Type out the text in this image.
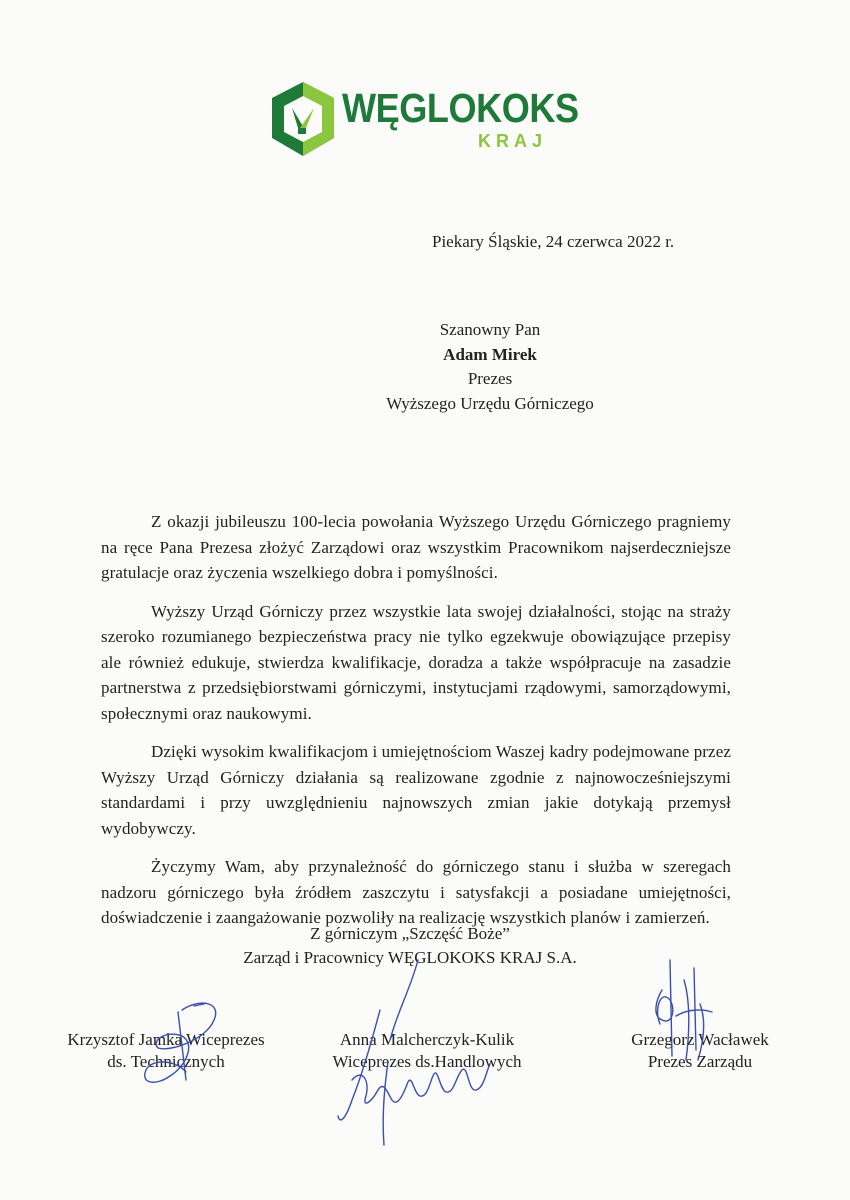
WĘGLOKOKS
KRAJ
Piekary Śląskie, 24 czerwca 2022 r.
Szanowny Pan
Adam Mirek
Prezes
Wyższego Urzędu Górniczego

Z okazji jubileuszu 100-lecia powołania Wyższego Urzędu Górniczego pragniemy na ręce Pana Prezesa złożyć Zarządowi oraz wszystkim Pracownikom najserdeczniejsze gratulacje oraz życzenia wszelkiego dobra i pomyślności.

Wyższy Urząd Górniczy przez wszystkie lata swojej działalności, stojąc na straży szeroko rozumianego bezpieczeństwa pracy nie tylko egzekwuje obowiązujące przepisy ale również edukuje, stwierdza kwalifikacje, doradza a także współpracuje na zasadzie partnerstwa z przedsiębiorstwami górniczymi, instytucjami rządowymi, samorządowymi, społecznymi oraz naukowymi.

Dzięki wysokim kwalifikacjom i umiejętnościom Waszej kadry podejmowane przez Wyższy Urząd Górniczy działania są realizowane zgodnie z najnowocześniejszymi standardami i przy uwzględnieniu najnowszych zmian jakie dotykają przemysł wydobywczy.

Życzymy Wam, aby przynależność do górniczego stanu i służba w szeregach nadzoru górniczego była źródłem zaszczytu i satysfakcji a posiadane umiejętności, doświadczenie i zaangażowanie pozwoliły na realizację wszystkich planów i zamierzeń.

Z górniczym „Szczęść Boże”
Zarząd i Pracownicy WĘGLOKOKS KRAJ S.A.
Krzysztof Jamka Wiceprezes
ds. Technicznych
Anna Malcherczyk-Kulik
Wiceprezes ds.Handlowych
Grzegorz Wacławek
Prezes Zarządu
